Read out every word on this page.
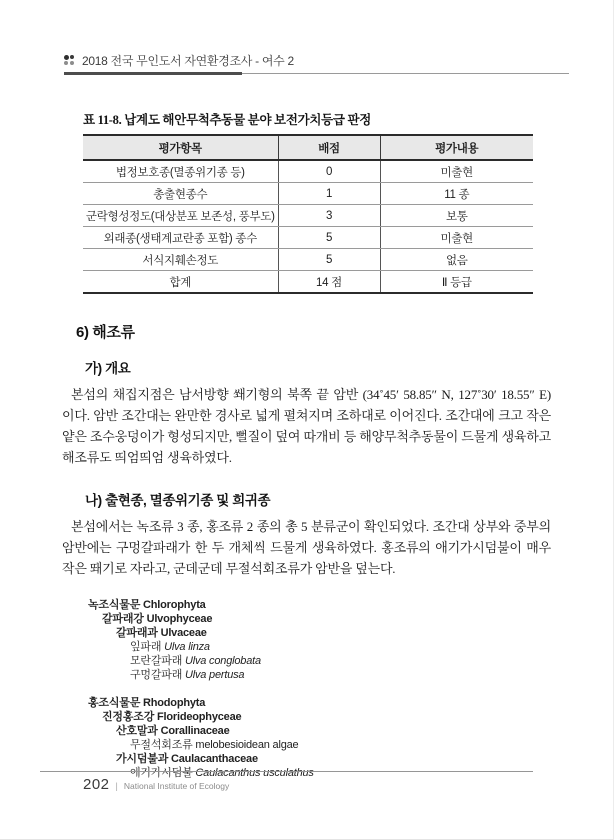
2018 전국 무인도서 자연환경조사 - 여수 2
표 11-8. 납계도 해안무척추동물 분야 보전가치등급 판정
평가항목	배점	평가내용
법정보호종(멸종위기종 등)	0	미출현
총출현종수	1	11 종
군락형성정도(대상분포 보존성, 풍부도)	3	보통
외래종(생태계교란종 포함) 종수	5	미출현
서식지훼손정도	5	없음
합계	14 점	Ⅱ 등급
6) 해조류
가) 개요

본섬의 채집지점은 남서방향 쐐기형의 북쪽 끝 암반 (34˚45′ 58.85″ N, 127˚30′ 18.55″ E)이다. 암반 조간대는 완만한 경사로 넓게 펼쳐지며 조하대로 이어진다. 조간대에 크고 작은 얕은 조수웅덩이가 형성되지만, 뻘질이 덮여 따개비 등 해양무척추동물이 드물게 생육하고 해조류도 띄엄띄엄 생육하였다.

나) 출현종, 멸종위기종 및 희귀종

본섬에서는 녹조류 3 종, 홍조류 2 종의 총 5 분류군이 확인되었다. 조간대 상부와 중부의 암반에는 구멍갈파래가 한 두 개체씩 드물게 생육하였다. 홍조류의 애기가시덤불이 매우 작은 뙈기로 자라고, 군데군데 무절석회조류가 암반을 덮는다.

녹조식물문 Chlorophyta
갈파래강 Ulvophyceae
갈파래과 Ulvaceae
잎파래 Ulva linza
모란갈파래 Ulva conglobata
구멍갈파래 Ulva pertusa
홍조식물문 Rhodophyta
진정홍조강 Florideophyceae
산호말과 Corallinaceae
무절석회조류 melobesioidean algae
가시덤불과 Caulacanthaceae
애기가시덤불 Caulacanthus usculathus
202 | National Institute of Ecology
